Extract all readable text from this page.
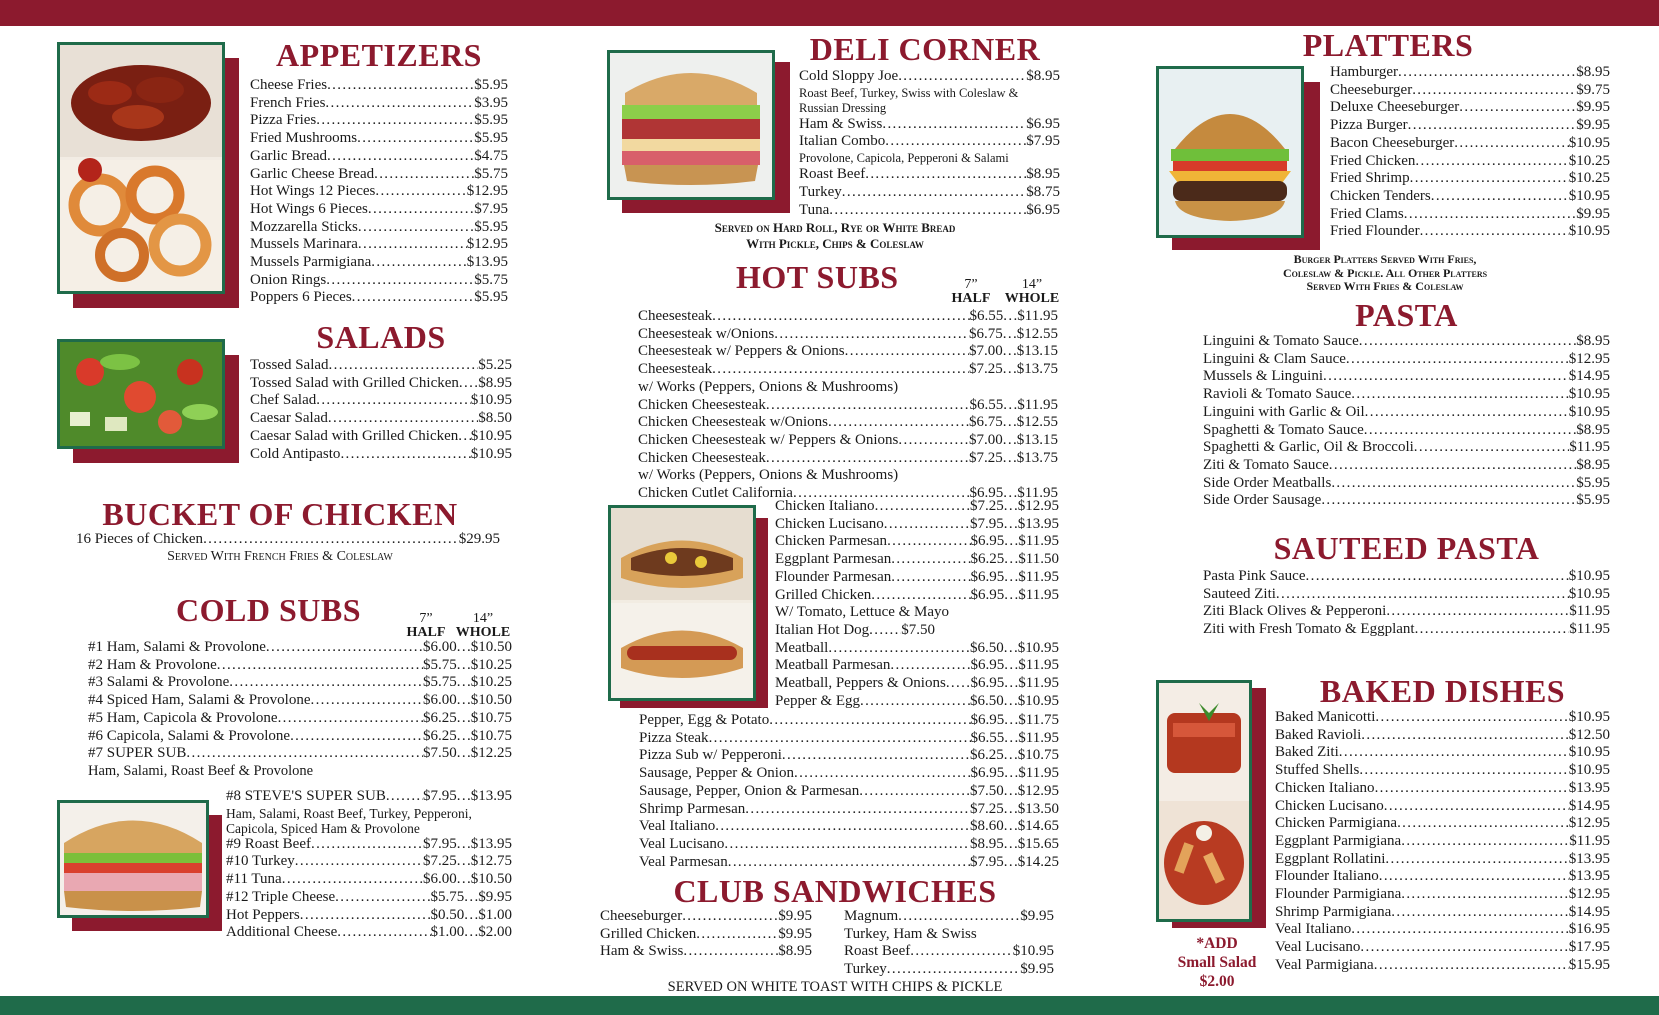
APPETIZERS
Cheese Fries . . .	$5.95
French Fries . . .	$3.95
Pizza Fries . . .	$5.95
Fried Mushrooms . . .	$5.95
Garlic Bread . . .	$4.75
Garlic Cheese Bread . . .	$5.75
Hot Wings 12 Pieces . . .	$12.95
Hot Wings 6 Pieces . . .	$7.95
Mozzarella Sticks . . .	$5.95
Mussels Marinara . . .	$12.95
Mussels Parmigiana . . .	$13.95
Onion Rings . . .	$5.75
Poppers 6 Pieces . . .	$5.95
SALADS
Tossed Salad . . .	$5.25
Tossed Salad with Grilled Chicken . . . $8.95
Chef Salad . . .	$10.95
Caesar Salad . . .	$8.50
Caesar Salad with Grilled Chicken . . . $10.95
Cold Antipasto . . .	$10.95
BUCKET OF CHICKEN
16 Pieces of Chicken . . .	$29.95
Served With French Fries & Coleslaw
COLD SUBS	7”
HALF
14”
WHOLE
#1 Ham, Salami & Provolone . . .	$6.00 . . . $10.50
#2 Ham & Provolone . . .	$5.75 . . . $10.25
#3 Salami & Provolone . . .	$5.75 . . . $10.25
#4 Spiced Ham, Salami & Provolone . . .	$6.00 . . . $10.50
#5 Ham, Capicola & Provolone . . .	$6.25 . . . $10.75
#6 Capicola, Salami & Provolone . . .	$6.25 . . . $10.75
#7 SUPER SUB . . .	$7.50 . . . $12.25
Ham, Salami, Roast Beef & Provolone
#8 STEVE'S SUPER SUB . . . $7.95 . . . $13.95
Ham, Salami, Roast Beef, Turkey, Pepperoni,
Capicola, Spiced Ham & Provolone
#9 Roast Beef . . .	$7.95 . . . $13.95
#10 Turkey . . .	$7.25 . . . $12.75
#11 Tuna . . .	$6.00 . . . $10.50
#12 Triple Cheese . . .	$5.75 . . . $9.95
Hot Peppers . . .	$0.50 . . . $1.00
Additional Cheese . . .	$1.00 . . . $2.00
DELI CORNER
Cold Sloppy Joe . . .	$8.95
Roast Beef, Turkey, Swiss with Coleslaw & Russian Dressing
Ham & Swiss . . .	$6.95
Italian Combo . . .	$7.95
Provolone, Capicola, Pepperoni & Salami
Roast Beef . . .	$8.95
Turkey . . .	$8.75
Tuna . . .	$6.95
Served on Hard Roll, Rye or White Bread
With Pickle, Chips & Coleslaw
HOT SUBS	7”
HALF
14”
WHOLE
Cheesesteak . . .	$6.55 . . . $11.95
Cheesesteak w/Onions . . .	$6.75 . . . $12.55
Cheesesteak w/ Peppers & Onions . . .	$7.00 . . . $13.15
Cheesesteak . . .	$7.25 . . . $13.75
w/ Works (Peppers, Onions & Mushrooms)
Chicken Cheesesteak . . .	$6.55 . . . $11.95
Chicken Cheesesteak w/Onions . . .	$6.75 . . . $12.55
Chicken Cheesesteak w/ Peppers & Onions . . .	$7.00 . . . $13.15
Chicken Cheesesteak . . .	$7.25 . . . $13.75
w/ Works (Peppers, Onions & Mushrooms)
Chicken Cutlet California . . .	$6.95 . . . $11.95
Chicken Italiano . . .	$7.25 . . . $12.95
Chicken Lucisano . . .	$7.95 . . . $13.95
Chicken Parmesan . . .	$6.95 . . . $11.95
Eggplant Parmesan . . .	$6.25 . . . $11.50
Flounder Parmesan . . .	$6.95 . . . $11.95
Grilled Chicken . . .	$6.95 . . . $11.95
W/ Tomato, Lettuce & Mayo
Italian Hot Dog . . . $7.50
Meatball . . .	$6.50 . . . $10.95
Meatball Parmesan . . .	$6.95 . . . $11.95
Meatball, Peppers & Onions . . . $6.95 . . . $11.95
Pepper & Egg . . .	$6.50 . . . $10.95
Pepper, Egg & Potato . . .	$6.95 . . . $11.75
Pizza Steak . . .	$6.55 . . . $11.95
Pizza Sub w/ Pepperoni . . .	$6.25 . . . $10.75
Sausage, Pepper & Onion . . .	$6.95 . . . $11.95
Sausage, Pepper, Onion & Parmesan . . .	$7.50 . . . $12.95
Shrimp Parmesan . . .	$7.25 . . . $13.50
Veal Italiano . . .	$8.60 . . . $14.65
Veal Lucisano . . .	$8.95 . . . $15.65
Veal Parmesan . . .	$7.95 . . . $14.25
CLUB SANDWICHES
Cheeseburger . . .	$9.95
Grilled Chicken . . .	$9.95
Ham & Swiss . . .	$8.95
Magnum . . .	$9.95
Turkey, Ham & Swiss
Roast Beef . . .	$10.95
Turkey . . .	$9.95
SERVED ON WHITE TOAST WITH CHIPS & PICKLE
PLATTERS
Hamburger . . .	$8.95
Cheeseburger . . .	$9.75
Deluxe Cheeseburger . . .	$9.95
Pizza Burger . . .	$9.95
Bacon Cheeseburger . . .	$10.95
Fried Chicken . . .	$10.25
Fried Shrimp . . .	$10.25
Chicken Tenders . . .	$10.95
Fried Clams . . .	$9.95
Fried Flounder . . .	$10.95
Burger Platters Served With Fries,
Coleslaw & Pickle. All Other Platters
Served With Fries & Coleslaw
PASTA
Linguini & Tomato Sauce . . .	$8.95
Linguini & Clam Sauce . . .	$12.95
Mussels & Linguini . . .	$14.95
Ravioli & Tomato Sauce . . .	$10.95
Linguini with Garlic & Oil . . .	$10.95
Spaghetti & Tomato Sauce . . .	$8.95
Spaghetti & Garlic, Oil & Broccoli . . .	$11.95
Ziti & Tomato Sauce . . .	$8.95
Side Order Meatballs . . .	$5.95
Side Order Sausage . . .	$5.95
SAUTEED PASTA
Pasta Pink Sauce . . .	$10.95
Sauteed Ziti . . .	$10.95
Ziti Black Olives & Pepperoni . . .	$11.95
Ziti with Fresh Tomato & Eggplant . . .	$11.95
*ADD
Small Salad
$2.00
BAKED DISHES
Baked Manicotti . . .	$10.95
Baked Ravioli . . .	$12.50
Baked Ziti . . .	$10.95
Stuffed Shells . . .	$10.95
Chicken Italiano . . .	$13.95
Chicken Lucisano . . .	$14.95
Chicken Parmigiana . . .	$12.95
Eggplant Parmigiana . . .	$11.95
Eggplant Rollatini . . .	$13.95
Flounder Italiano . . .	$13.95
Flounder Parmigiana . . .	$12.95
Shrimp Parmigiana . . .	$14.95
Veal Italiano . . .	$16.95
Veal Lucisano . . .	$17.95
Veal Parmigiana . . .	$15.95
